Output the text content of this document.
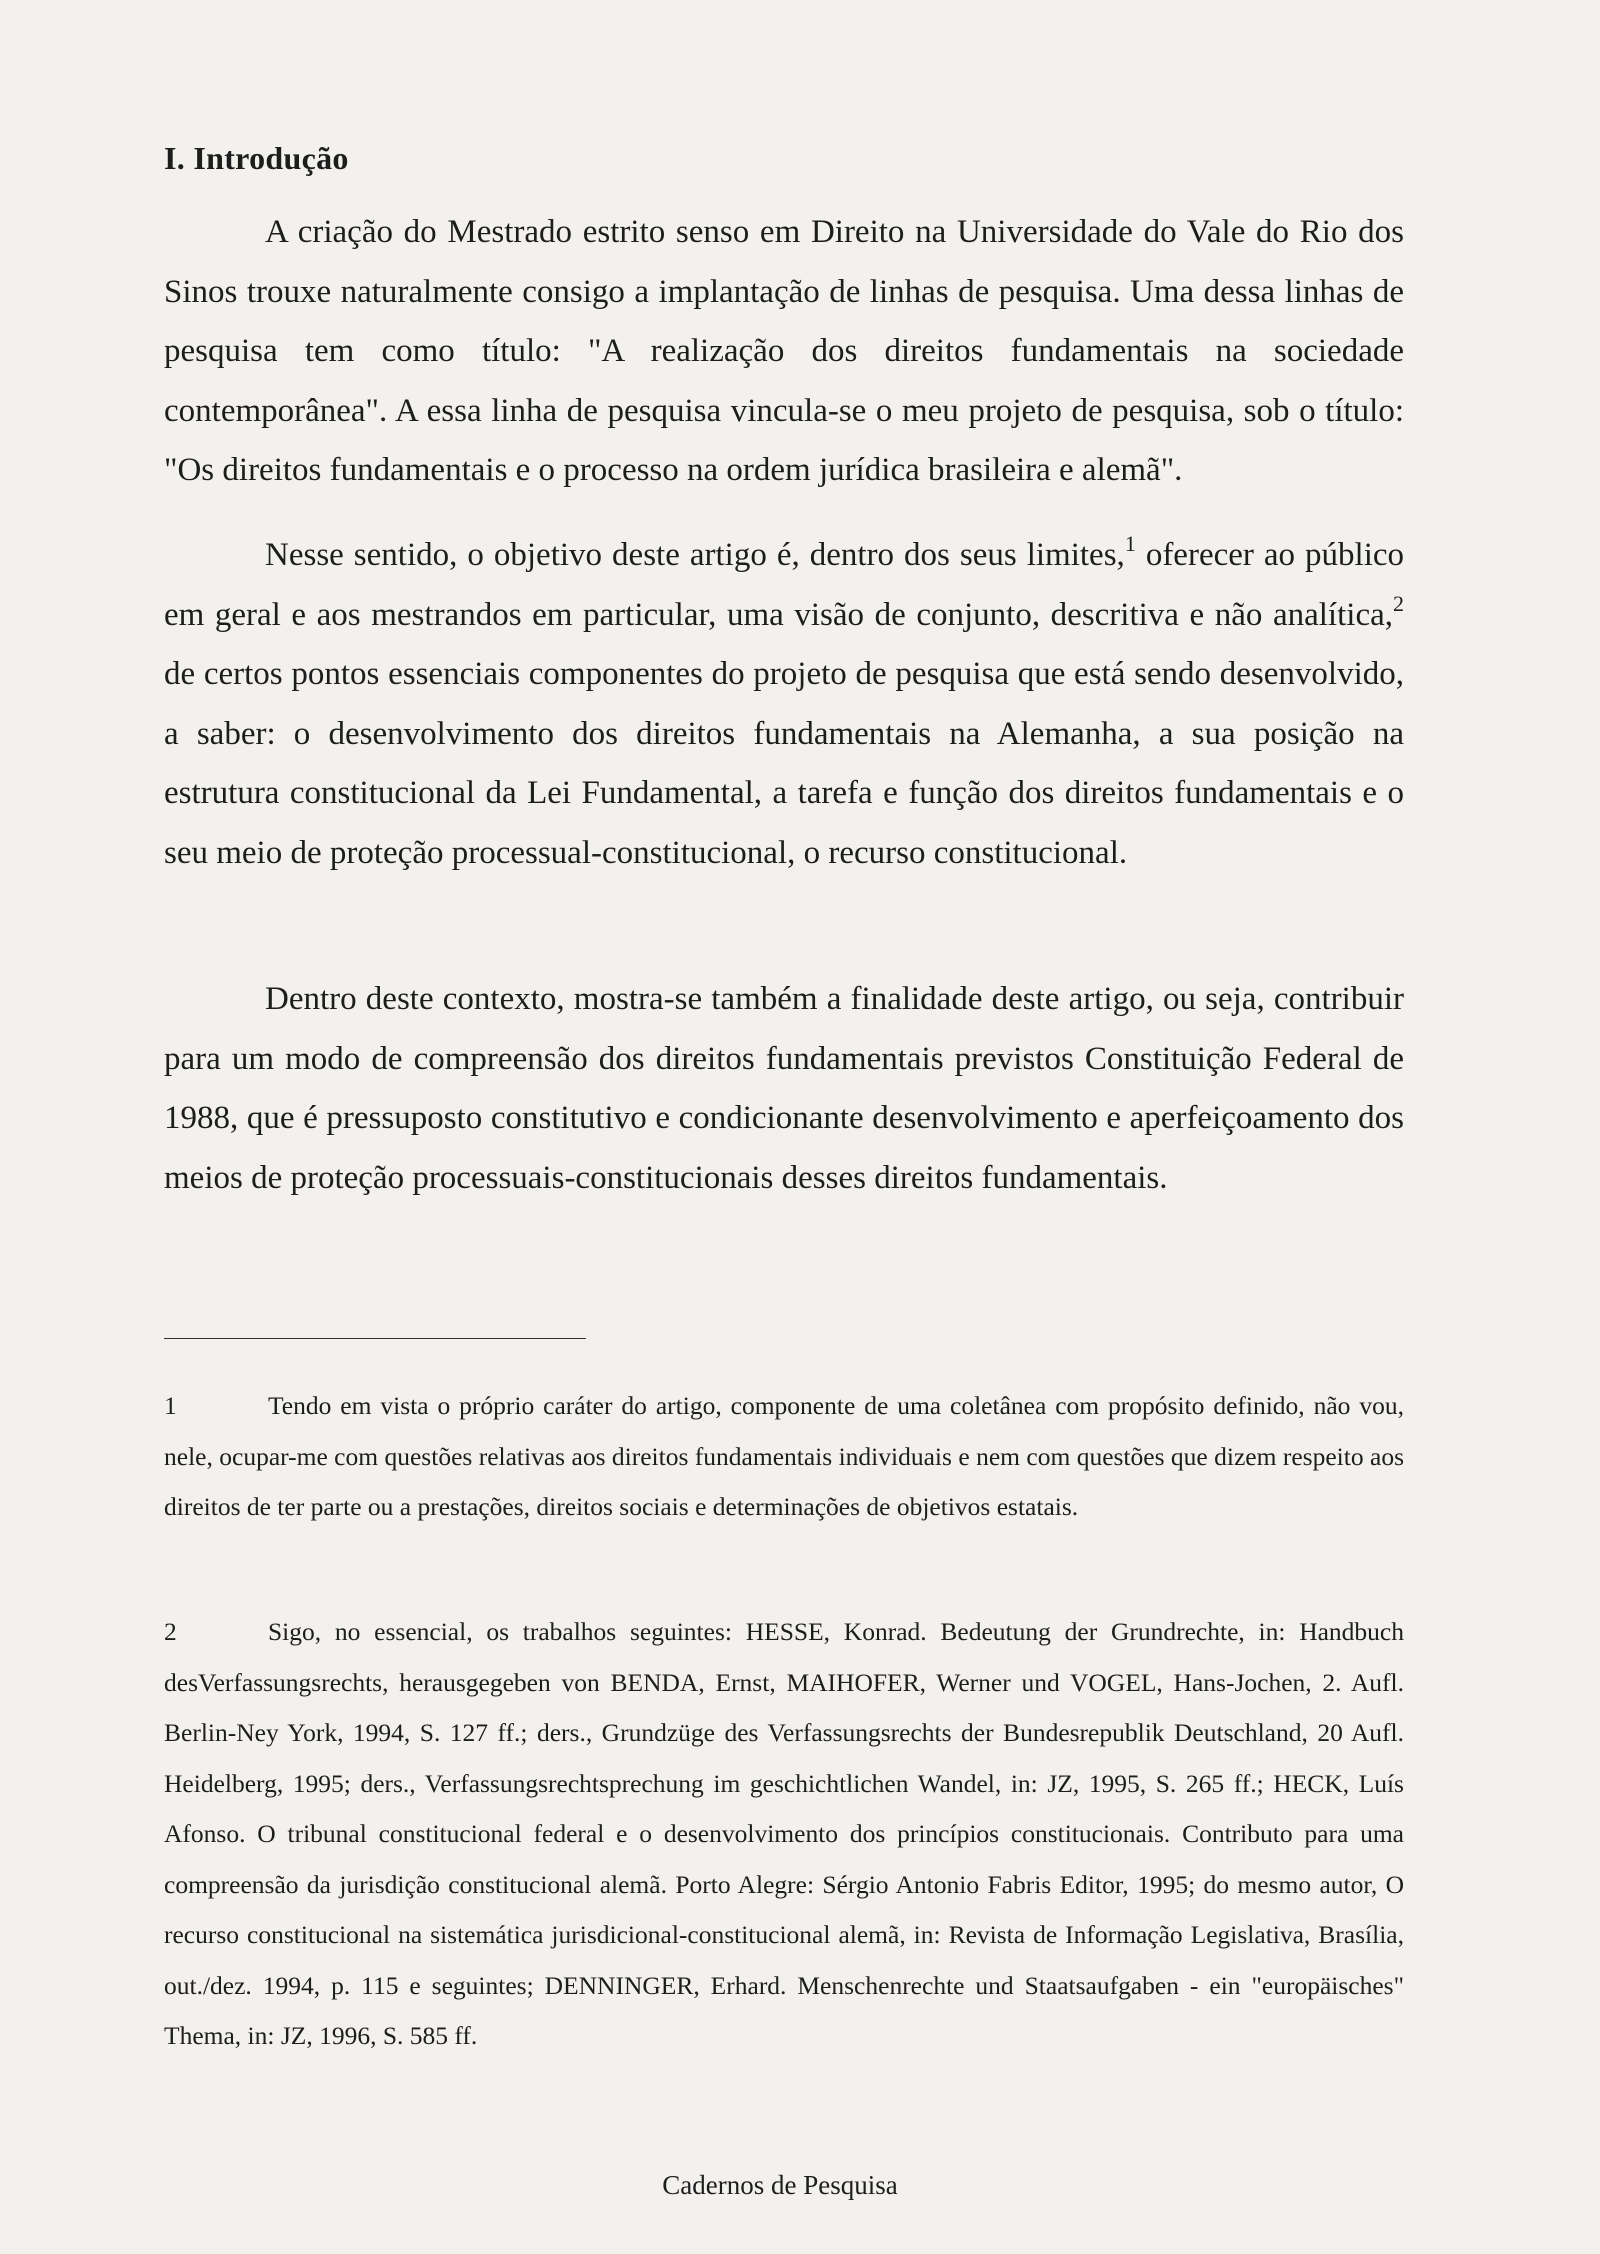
I. Introdução

A criação do Mestrado estrito senso em Direito na Universidade do Vale do Rio dos Sinos trouxe naturalmente consigo a implantação de linhas de pesquisa. Uma dessa linhas de pesquisa tem como título: "A realização dos direitos fundamentais na sociedade contemporânea". A essa linha de pesquisa vincula-se o meu projeto de pesquisa, sob o título: "Os direitos fundamentais e o processo na ordem jurídica brasileira e alemã".

Nesse sentido, o objetivo deste artigo é, dentro dos seus limites,$^1$ oferecer ao público em geral e aos mestrandos em particular, uma visão de conjunto, descritiva e não analítica,$^2$ de certos pontos essenciais componentes do projeto de pesquisa que está sendo desenvolvido, a saber: o desenvolvimento dos direitos fundamentais na Alemanha, a sua posição na estrutura constitucional da Lei Fundamental, a tarefa e função dos direitos fundamentais e o seu meio de proteção processual-constitucional, o recurso constitucional.

Dentro deste contexto, mostra-se também a finalidade deste artigo, ou seja, contribuir para um modo de compreensão dos direitos fundamentais previstos Constituição Federal de 1988, que é pressuposto constitutivo e condicionante desenvolvimento e aperfeiçoamento dos meios de proteção processuais-constitucionais desses direitos fundamentais.

1	Tendo em vista o próprio caráter do artigo, componente de uma coletânea com propósito definido, não vou, nele, ocupar-me com questões relativas aos direitos fundamentais individuais e nem com questões que dizem respeito aos direitos de ter parte ou a prestações, direitos sociais e determinações de objetivos estatais.

2	Sigo, no essencial, os trabalhos seguintes: HESSE, Konrad. Bedeutung der Grundrechte, in: Handbuch desVerfassungsrechts, herausgegeben von BENDA, Ernst, MAIHOFER, Werner und VOGEL, Hans-Jochen, 2. Aufl. Berlin-Ney York, 1994, S. 127 ff.; ders., Grundzüge des Verfassungsrechts der Bundesrepublik Deutschland, 20 Aufl. Heidelberg, 1995; ders., Verfassungsrechtsprechung im geschichtlichen Wandel, in: JZ, 1995, S. 265 ff.; HECK, Luís Afonso. O tribunal constitucional federal e o desenvolvimento dos princípios constitucionais. Contributo para uma compreensão da jurisdição constitucional alemã. Porto Alegre: Sérgio Antonio Fabris Editor, 1995; do mesmo autor, O recurso constitucional na sistemática jurisdicional-constitucional alemã, in: Revista de Informação Legislativa, Brasília, out./dez. 1994, p. 115 e seguintes; DENNINGER, Erhard. Menschenrechte und Staatsaufgaben - ein "europäisches" Thema, in: JZ, 1996, S. 585 ff.

Cadernos de Pesquisa
